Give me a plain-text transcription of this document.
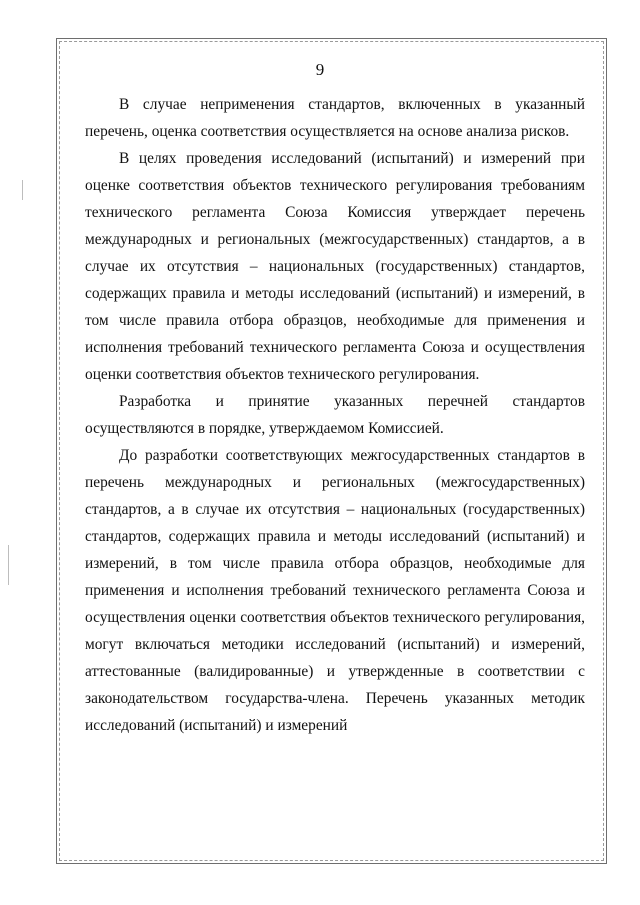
9

В случае неприменения стандартов, включенных в указанный перечень, оценка соответствия осуществляется на основе анализа рисков.

В целях проведения исследований (испытаний) и измерений при оценке соответствия объектов технического регулирования требованиям технического регламента Союза Комиссия утверждает перечень международных и региональных (межгосударственных) стандартов, а в случае их отсутствия – национальных (государственных) стандартов, содержащих правила и методы исследований (испытаний) и измерений, в том числе правила отбора образцов, необходимые для применения и исполнения требований технического регламента Союза и осуществления оценки соответствия объектов технического регулирования.

Разработка и принятие указанных перечней стандартов осуществляются в порядке, утверждаемом Комиссией.

До разработки соответствующих межгосударственных стандартов в перечень международных и региональных (межгосударственных) стандартов, а в случае их отсутствия – национальных (государственных) стандартов, содержащих правила и методы исследований (испытаний) и измерений, в том числе правила отбора образцов, необходимые для применения и исполнения требований технического регламента Союза и осуществления оценки соответствия объектов технического регулирования, могут включаться методики исследований (испытаний) и измерений, аттестованные (валидированные) и утвержденные в соответствии с законодательством государства-члена. Перечень указанных методик исследований (испытаний) и измерений
